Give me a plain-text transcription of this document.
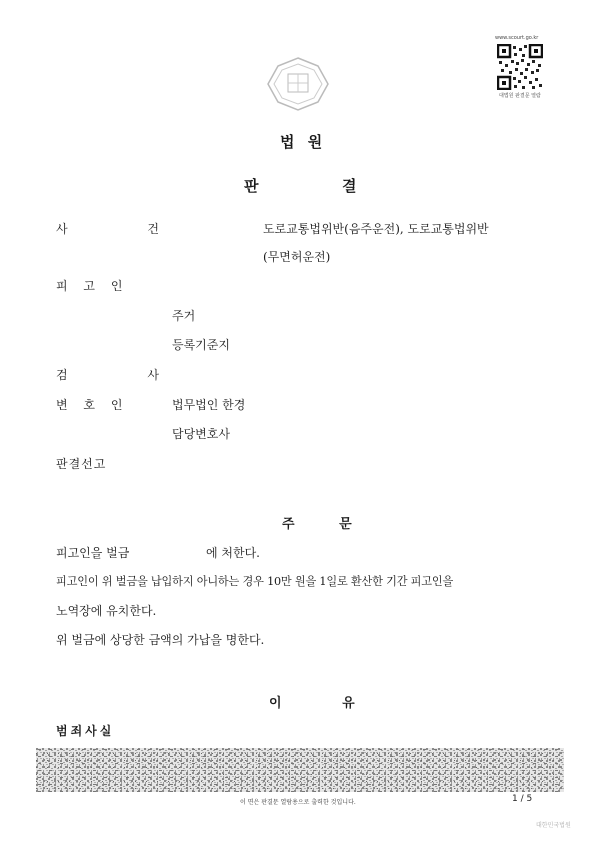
www.scourt.go.kr
대법원 판결문 열람
법 원
판	결
사 건	도로교통법위반(음주운전), 도로교통법위반
(무면허운전)
피 고 인
주거
등록기준지
검 사
변 호 인	법무법인 한경
담당변호사
판결선고
주 문
피고인을 벌금	에 처한다.
피고인이 위 벌금을 납입하지 아니하는 경우 10만 원을 1일로 환산한 기간 피고인을
노역장에 유치한다.
위 벌금에 상당한 금액의 가납을 명한다.
이 유
범죄사실
이 면은 판결문 열람용으로 출력한 것입니다.	1 / 5
대한민국법원
